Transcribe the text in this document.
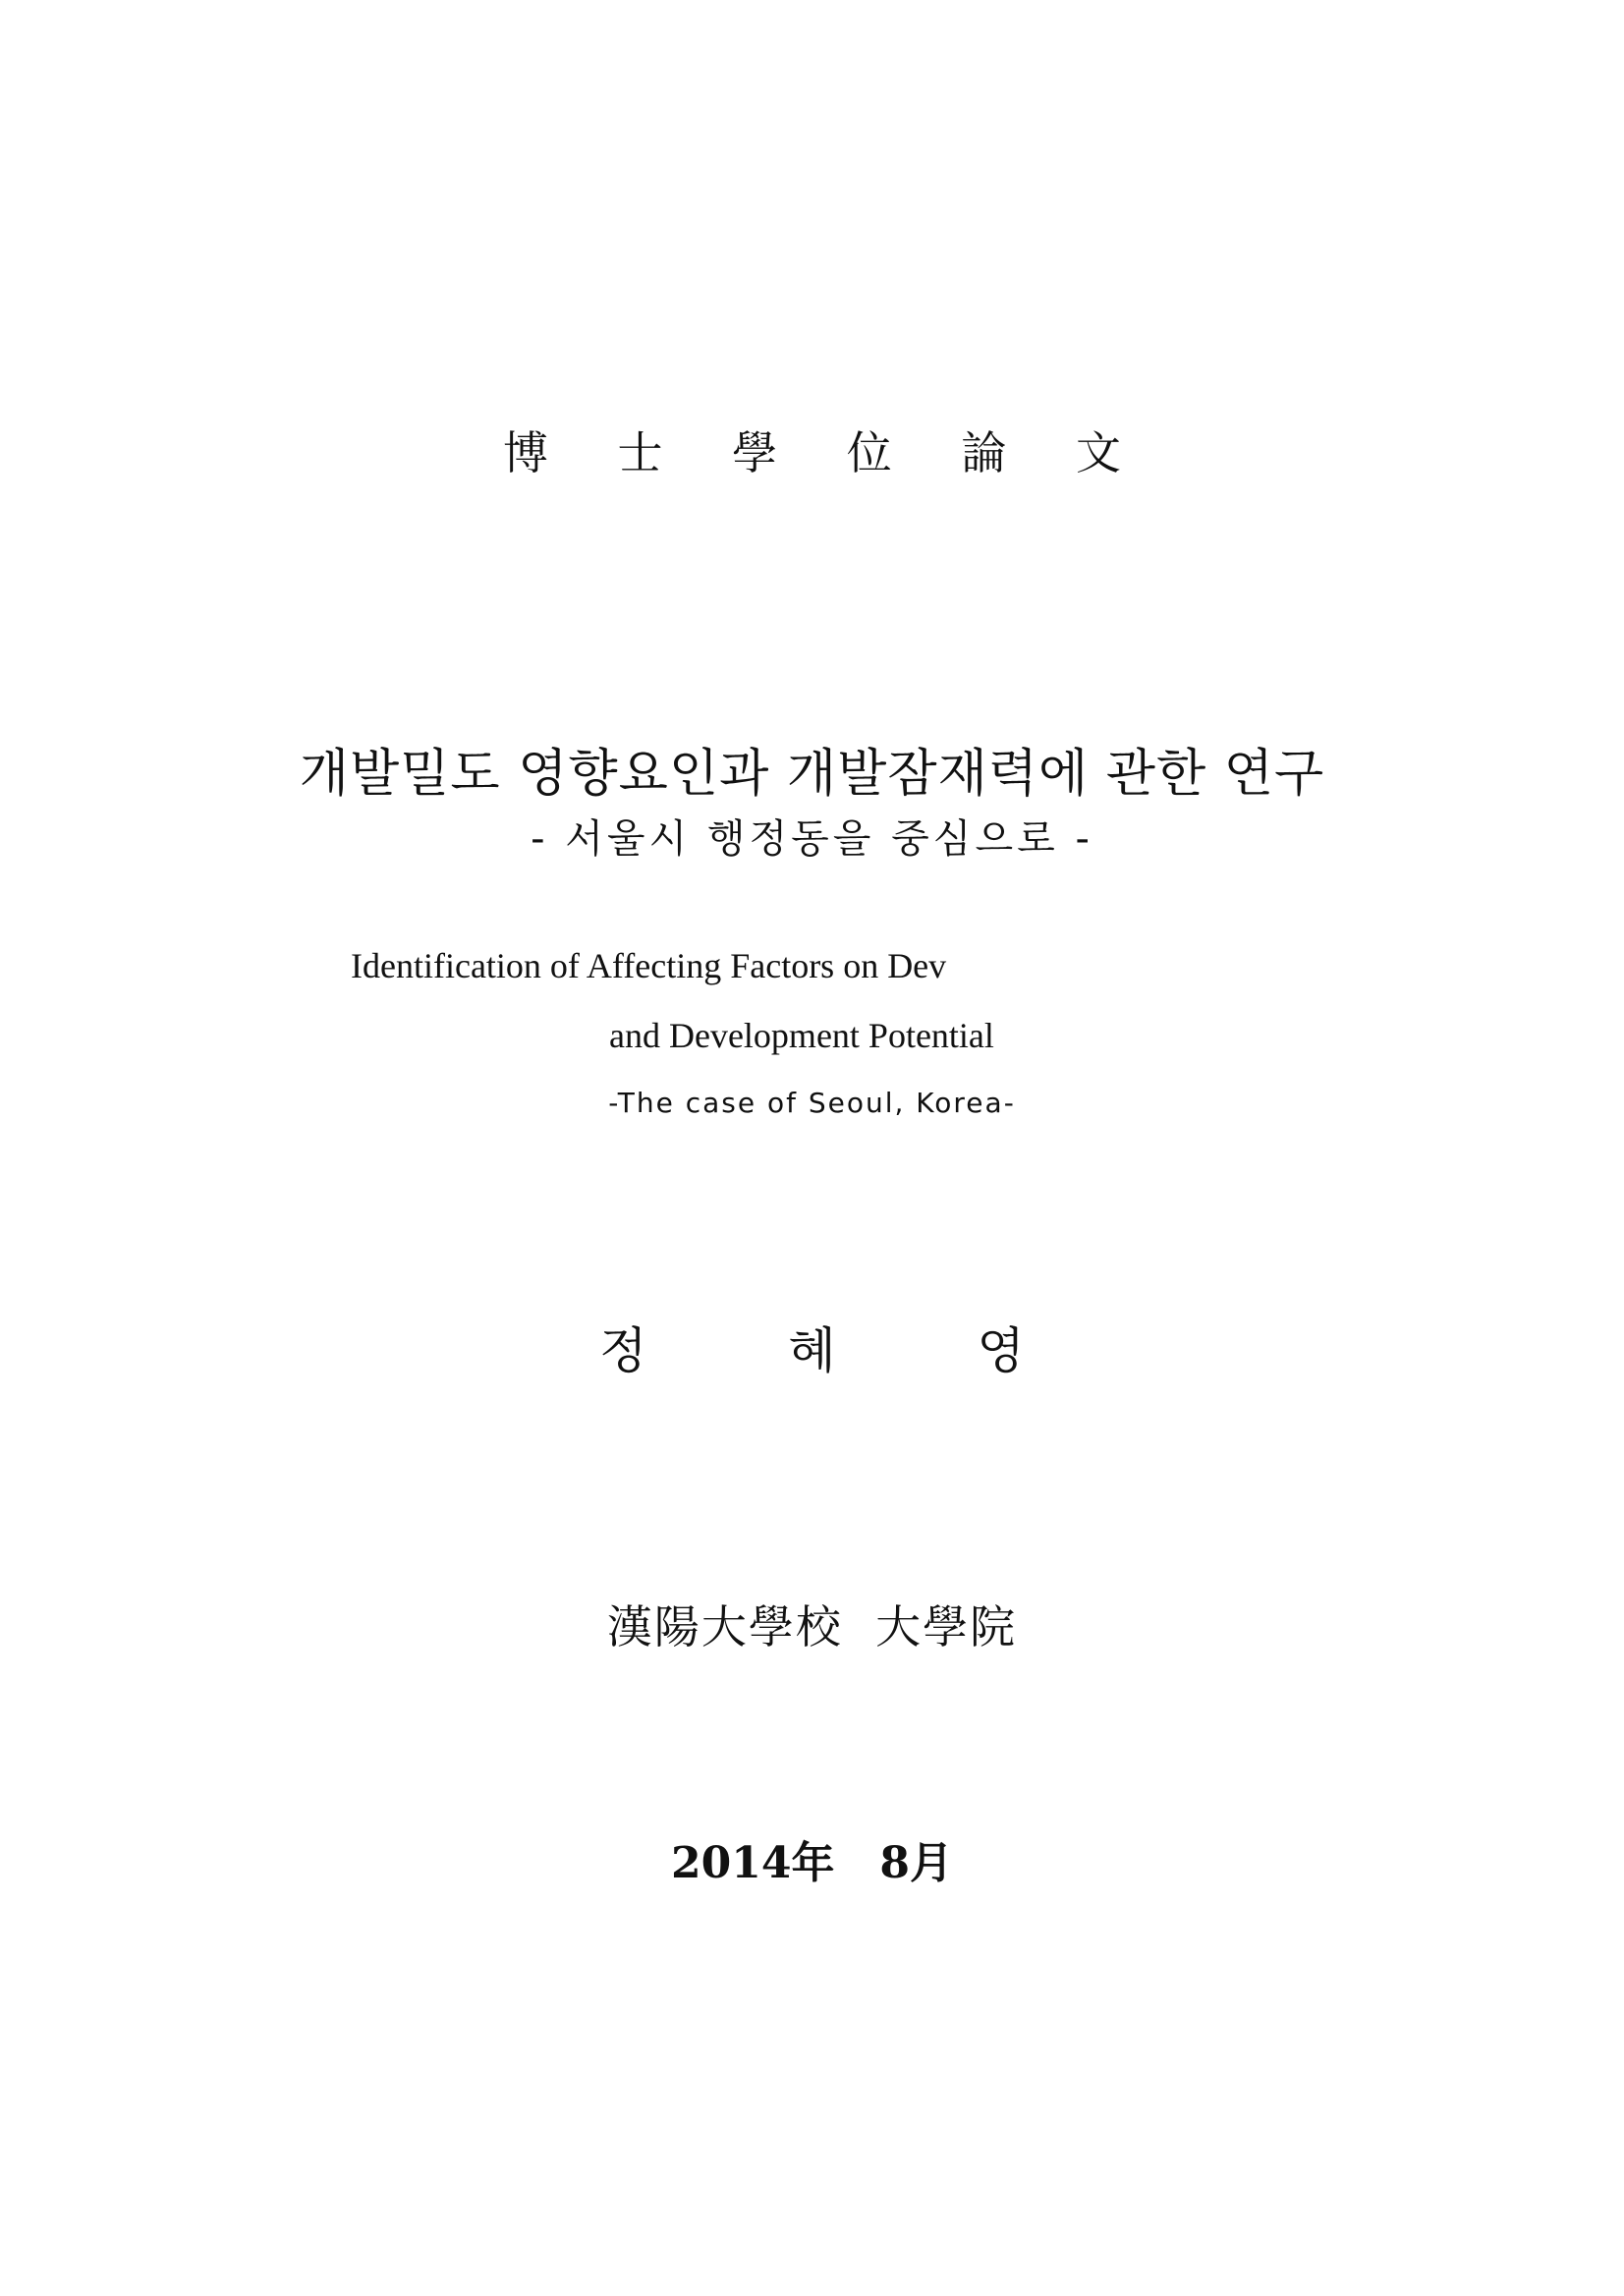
博 士 學 位 論 文
개발밀도 영향요인과 개발잠재력에 관한 연구
- 서울시 행정동을 중심으로 -
Identification of Affecting Factors on Dev
and Development Potential
-The case of Seoul, Korea-
정 혜 영
漢陽大學校  大學院
2014年   8月
